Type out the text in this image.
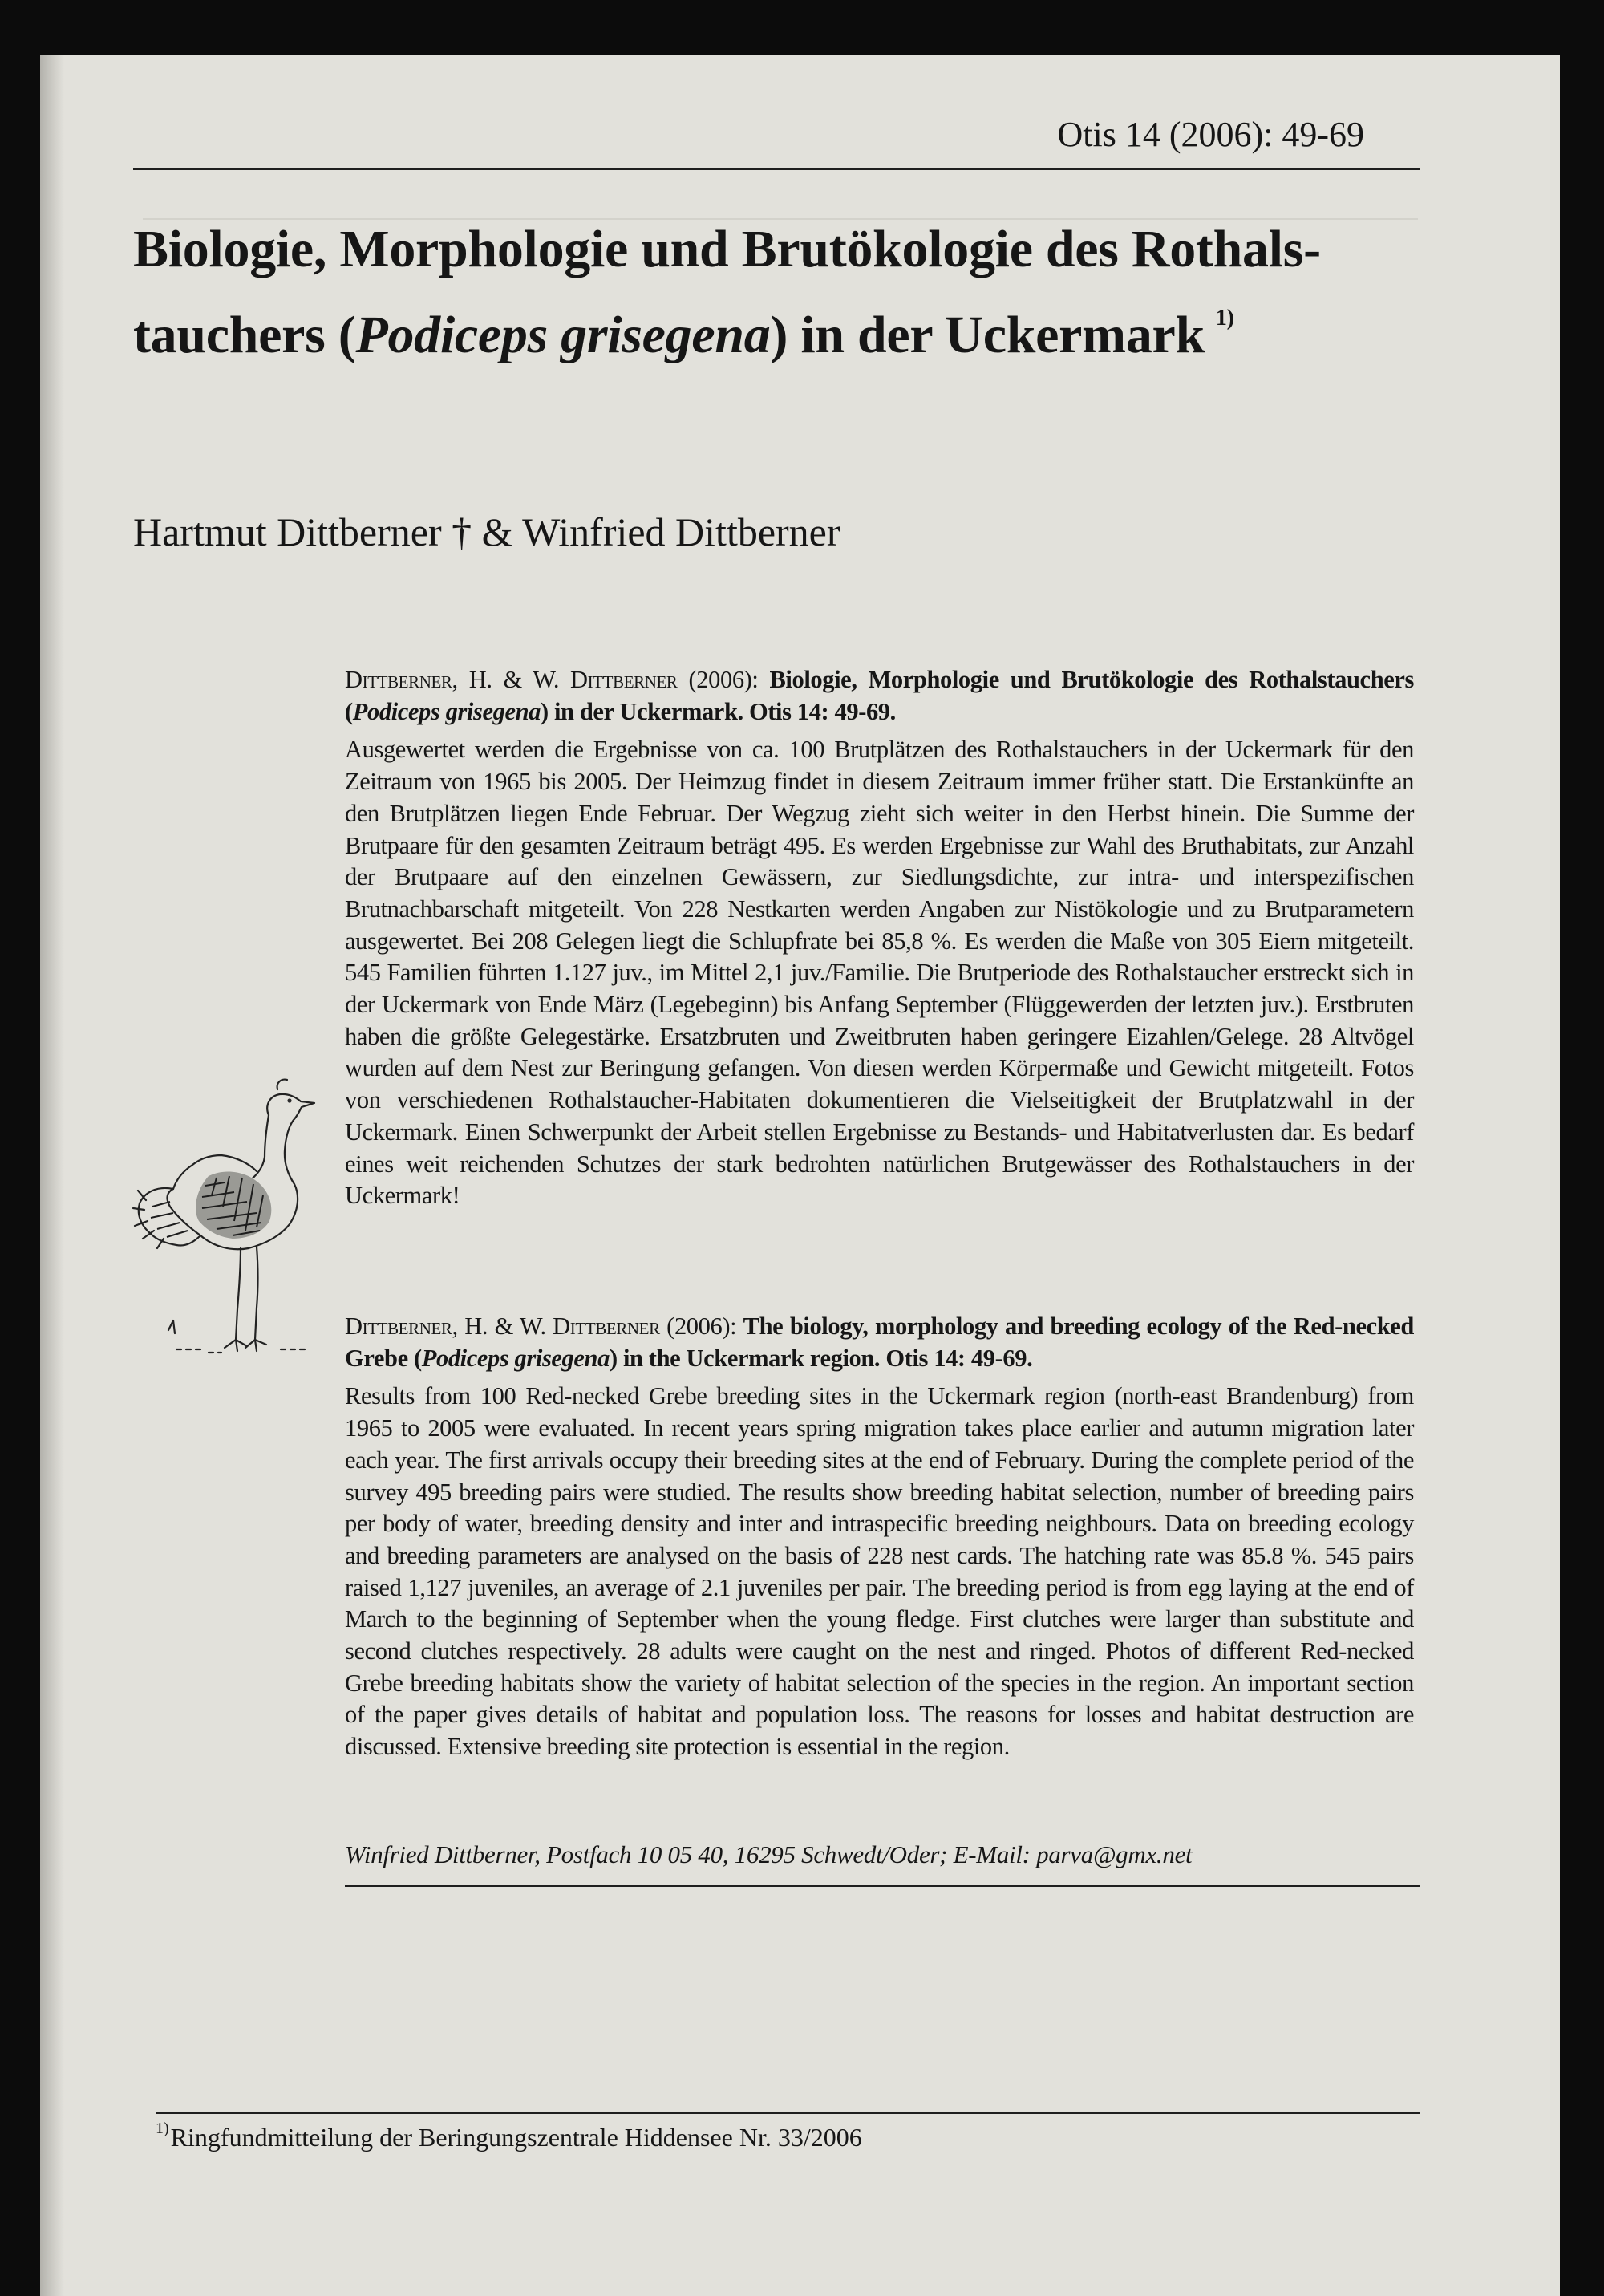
Otis 14 (2006): 49-69
Biologie, Morphologie und Brutökologie des Rothals-
tauchers (Podiceps grisegena) in der Uckermark $^{1)}$
Hartmut Dittberner † & Winfried Dittberner

Dittberner, H. & W. Dittberner (2006): Biologie, Morphologie und Brutökologie des Rothalstauchers (Podiceps grisegena) in der Uckermark. Otis 14: 49-69.

Ausgewertet werden die Ergebnisse von ca. 100 Brutplätzen des Rothalstauchers in der Uckermark für den Zeitraum von 1965 bis 2005. Der Heimzug findet in diesem Zeitraum immer früher statt. Die Erstankünfte an den Brutplätzen liegen Ende Februar. Der Wegzug zieht sich weiter in den Herbst hinein. Die Summe der Brutpaare für den gesamten Zeitraum beträgt 495. Es werden Ergebnisse zur Wahl des Bruthabitats, zur Anzahl der Brutpaare auf den einzelnen Gewässern, zur Siedlungsdichte, zur intra- und interspezifischen Brutnachbarschaft mitgeteilt. Von 228 Nestkarten werden Angaben zur Nistökologie und zu Brutparametern ausgewertet. Bei 208 Gelegen liegt die Schlupfrate bei 85,8 %. Es werden die Maße von 305 Eiern mitgeteilt. 545 Familien führten 1.127 juv., im Mittel 2,1 juv./Familie. Die Brutperiode des Rothalstaucher erstreckt sich in der Uckermark von Ende März (Legebeginn) bis Anfang September (Flüggewerden der letzten juv.). Erstbruten haben die größte Gelegestärke. Ersatzbruten und Zweitbruten haben geringere Eizahlen/Gelege. 28 Altvögel wurden auf dem Nest zur Beringung gefangen. Von diesen werden Körpermaße und Gewicht mitgeteilt. Fotos von verschiedenen Rothalstaucher-Habitaten dokumentieren die Vielseitigkeit der Brutplatzwahl in der Uckermark. Einen Schwerpunkt der Arbeit stellen Ergebnisse zu Bestands- und Habitatverlusten dar. Es bedarf eines weit reichenden Schutzes der stark bedrohten natürlichen Brutgewässer des Rothalstauchers in der Uckermark!

Dittberner, H. & W. Dittberner (2006): The biology, morphology and breeding ecology of the Red-necked Grebe (Podiceps grisegena) in the Uckermark region. Otis 14: 49-69.

Results from 100 Red-necked Grebe breeding sites in the Uckermark region (north-east Brandenburg) from 1965 to 2005 were evaluated. In recent years spring migration takes place earlier and autumn migration later each year. The first arrivals occupy their breeding sites at the end of February. During the complete period of the survey 495 breeding pairs were studied. The results show breeding habitat selection, number of breeding pairs per body of water, breeding density and inter and intraspecific breeding neighbours. Data on breeding ecology and breeding parameters are analysed on the basis of 228 nest cards. The hatching rate was 85.8 %. 545 pairs raised 1,127 juveniles, an average of 2.1 juveniles per pair. The breeding period is from egg laying at the end of March to the beginning of September when the young fledge. First clutches were larger than substitute and second clutches respectively. 28 adults were caught on the nest and ringed. Photos of different Red-necked Grebe breeding habitats show the variety of habitat selection of the species in the region. An important section of the paper gives details of habitat and population loss. The reasons for losses and habitat destruction are discussed. Extensive breeding site protection is essential in the region.

Winfried Dittberner, Postfach 10 05 40, 16295 Schwedt/Oder; E-Mail: parva@gmx.net
$^{1)}$Ringfundmitteilung der Beringungszentrale Hiddensee Nr. 33/2006
